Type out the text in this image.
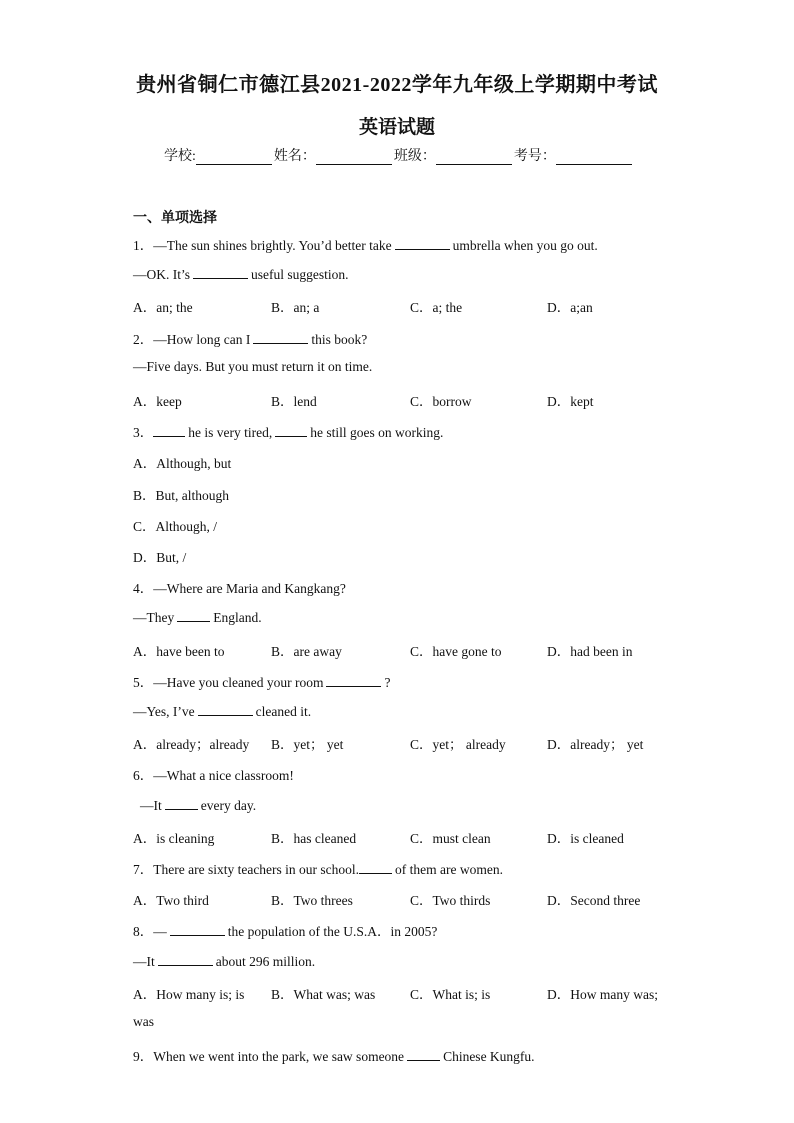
贵州省铜仁市德江县2021-2022学年九年级上学期期中考试
英语试题
学校:	姓名：	班级：	考号：
一、单项选择
1．—The sun shines brightly. You’d better take	umbrella when you go out.
—OK. It’s	useful suggestion.
A．an; the	B．an; a	C．a; the	D．a;an
2．—How long can I	this book?
—Five days. But you must return it on time.
A．keep	B．lend	C．borrow	D．kept
3．	he is very tired,	he still goes on working.
A．Although, but
B．But, although
C．Although, /
D．But, /
4．—Where are Maria and Kangkang?
—They	England.
A．have been to	B．are away	C．have gone to	D．had been in
5．—Have you cleaned your room	?
—Yes, I’ve	cleaned it.
A．already；already B．yet； yet	C．yet； already	D．already； yet
6．—What a nice classroom!
—It	every day.
A．is cleaning	B．has cleaned	C．must clean	D．is cleaned
7．There are sixty teachers in our school.	of them are women.
A．Two third	B．Two threes	C．Two thirds	D．Second three
8．—	the population of the U.S.A．in 2005?
—It	about 296 million.
A．How many is; is B．What was; was	C．What is; is	D．How many was;
was
9．When we went into the park, we saw someone	Chinese Kungfu.
